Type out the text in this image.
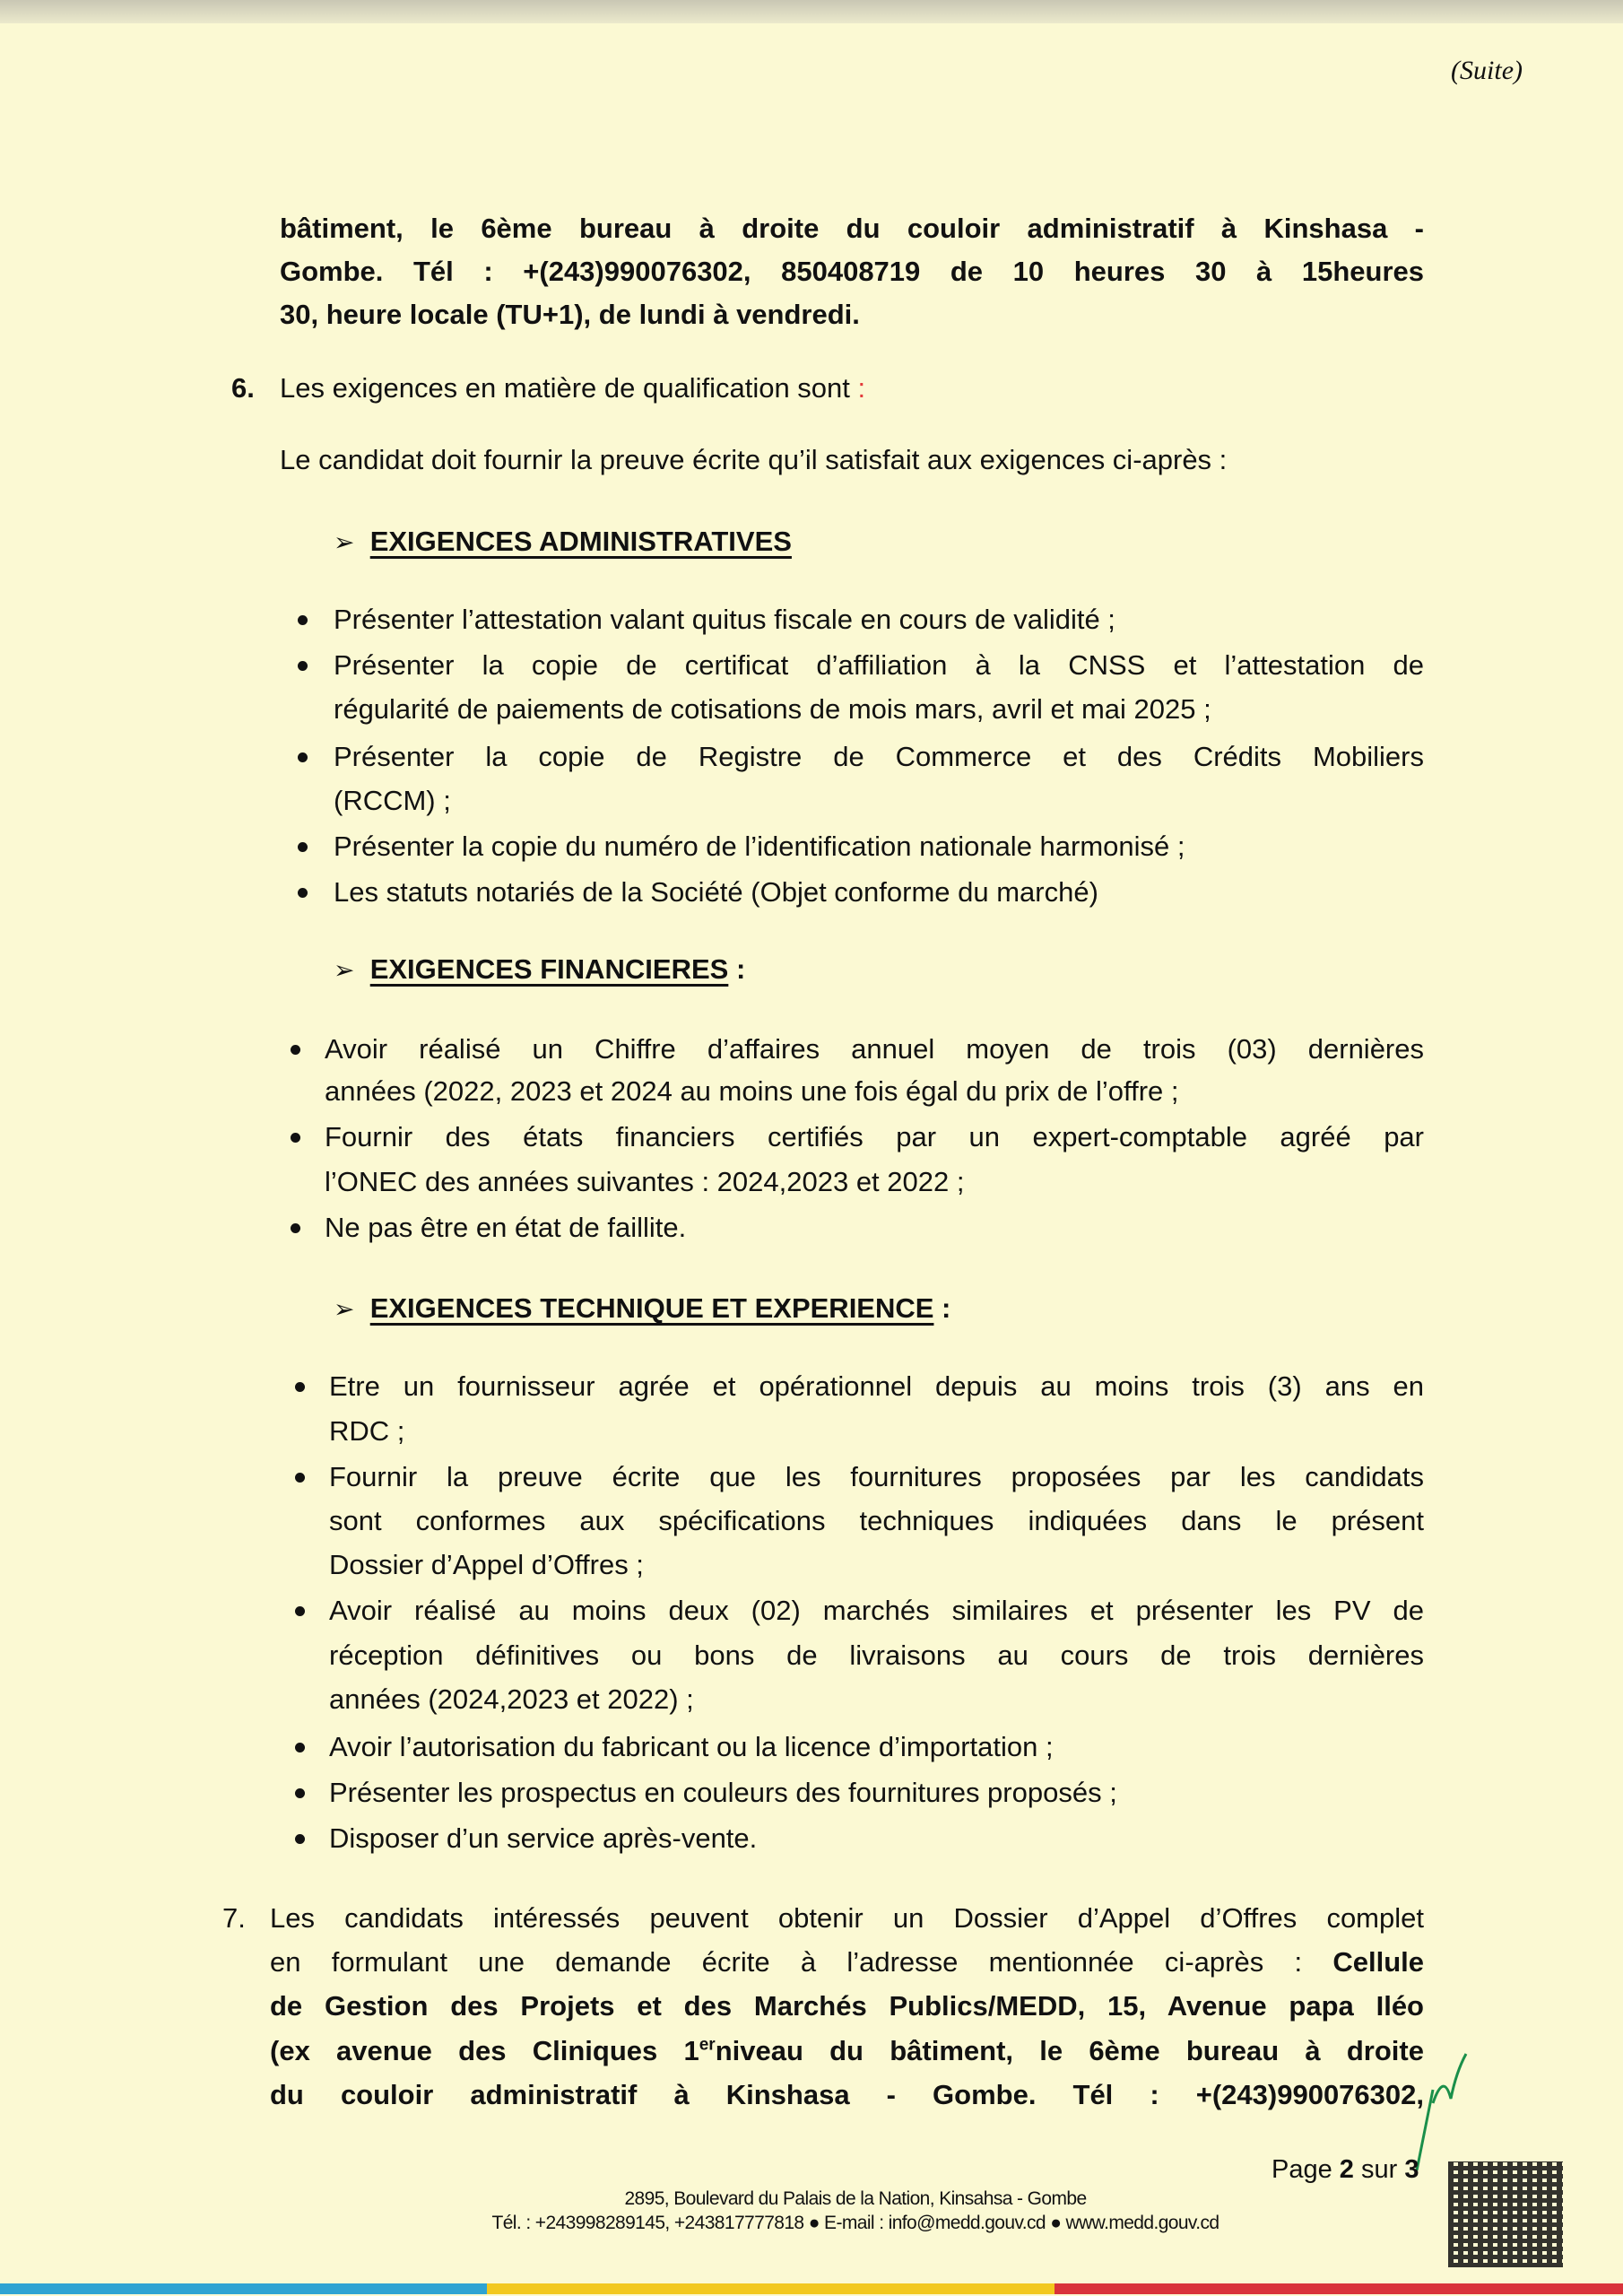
(Suite)
bâtiment, le 6ème bureau à droite du couloir administratif à Kinshasa -
Gombe. Tél : +(243)990076302, 850408719 de 10 heures 30 à 15heures
30, heure locale (TU+1), de lundi à vendredi.
6. Les exigences en matière de qualification sont :
Le candidat doit fournir la preuve écrite qu’il satisfait aux exigences ci-après :
➢ EXIGENCES ADMINISTRATIVES
Présenter l’attestation valant quitus fiscale en cours de validité ;
Présenter la copie de certificat d’affiliation à la CNSS et l’attestation de
régularité de paiements de cotisations de mois mars, avril et mai 2025 ;
Présenter la copie de Registre de Commerce et des Crédits Mobiliers
(RCCM) ;
Présenter la copie du numéro de l’identification nationale harmonisé ;
Les statuts notariés de la Société (Objet conforme du marché)
➢ EXIGENCES FINANCIERES :
Avoir réalisé un Chiffre d’affaires annuel moyen de trois (03) dernières
années (2022, 2023 et 2024 au moins une fois égal du prix de l’offre ;
Fournir des états financiers certifiés par un expert-comptable agréé par
l’ONEC des années suivantes : 2024,2023 et 2022 ;
Ne pas être en état de faillite.
➢ EXIGENCES TECHNIQUE ET EXPERIENCE :
Etre un fournisseur agrée et opérationnel depuis au moins trois (3) ans en
RDC ;
Fournir la preuve écrite que les fournitures proposées par les candidats
sont conformes aux spécifications techniques indiquées dans le présent
Dossier d’Appel d’Offres ;
Avoir réalisé au moins deux (02) marchés similaires et présenter les PV de
réception définitives ou bons de livraisons au cours de trois dernières
années (2024,2023 et 2022) ;
Avoir l’autorisation du fabricant ou la licence d’importation ;
Présenter les prospectus en couleurs des fournitures proposés ;
Disposer d’un service après-vente.
7. Les candidats intéressés peuvent obtenir un Dossier d’Appel d’Offres complet
en formulant une demande écrite à l’adresse mentionnée ci-après : Cellule
de Gestion des Projets et des Marchés Publics/MEDD, 15, Avenue papa Iléo
(ex avenue des Cliniques 1erniveau du bâtiment, le 6ème bureau à droite
du couloir administratif à Kinshasa - Gombe. Tél : +(243)990076302,
Page 2 sur 3
2895, Boulevard du Palais de la Nation, Kinsahsa - Gombe
Tél. : +243998289145, +243817777818 ● E-mail : info@medd.gouv.cd ● www.medd.gouv.cd
